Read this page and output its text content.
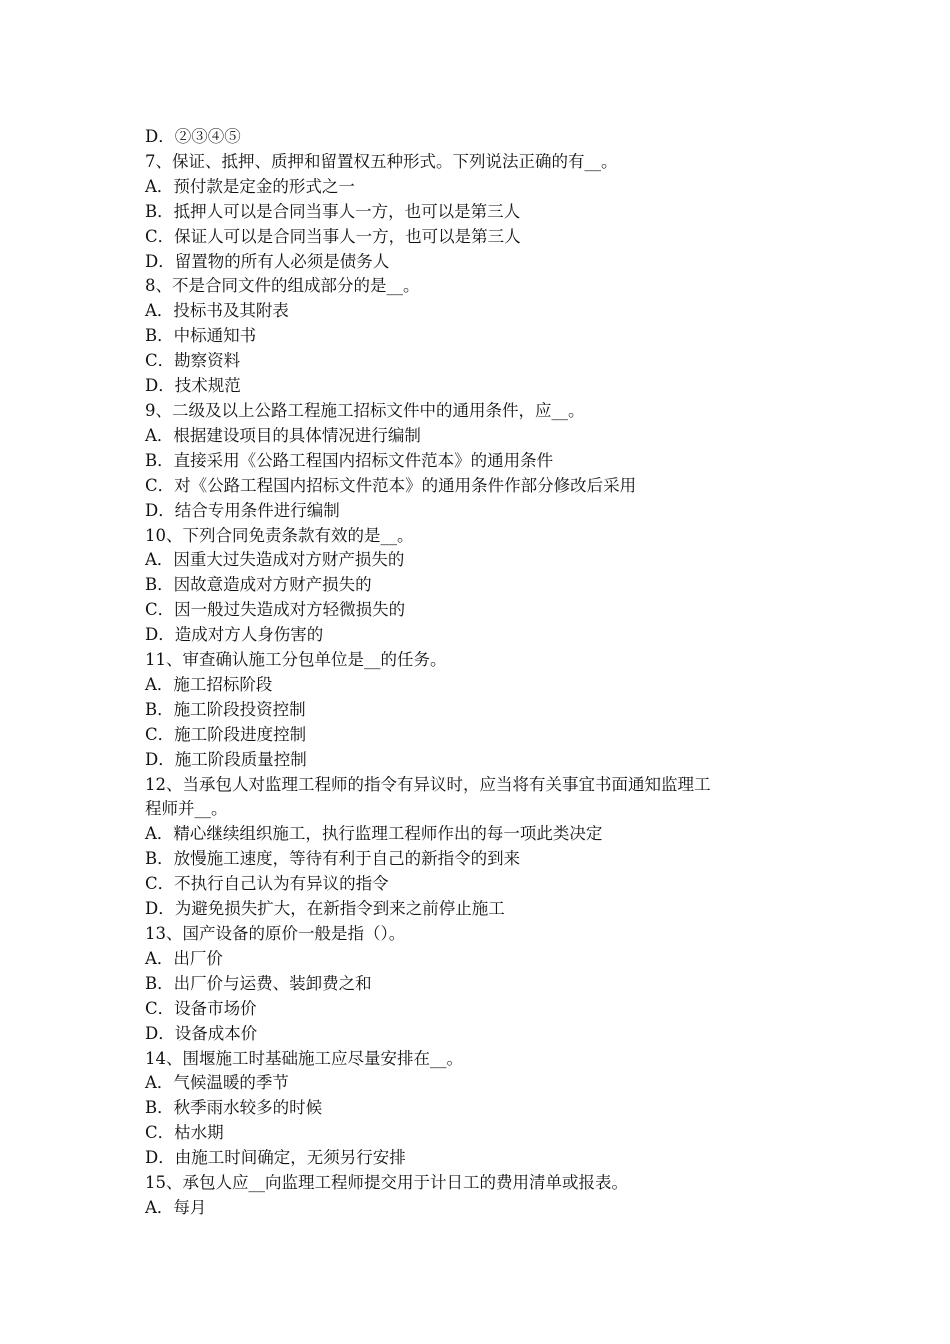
D．②③④⑤
7、保证、抵押、质押和留置权五种形式。下列说法正确的有__。
A．预付款是定金的形式之一
B．抵押人可以是合同当事人一方，也可以是第三人
C．保证人可以是合同当事人一方，也可以是第三人
D．留置物的所有人必须是债务人
8、不是合同文件的组成部分的是__。
A．投标书及其附表
B．中标通知书
C．勘察资料
D．技术规范
9、二级及以上公路工程施工招标文件中的通用条件，应__。
A．根据建设项目的具体情况进行编制
B．直接采用《公路工程国内招标文件范本》的通用条件
C．对《公路工程国内招标文件范本》的通用条件作部分修改后采用
D．结合专用条件进行编制
10、下列合同免责条款有效的是__。
A．因重大过失造成对方财产损失的
B．因故意造成对方财产损失的
C．因一般过失造成对方轻微损失的
D．造成对方人身伤害的
11、审查确认施工分包单位是__的任务。
A．施工招标阶段
B．施工阶段投资控制
C．施工阶段进度控制
D．施工阶段质量控制
12、当承包人对监理工程师的指令有异议时，应当将有关事宜书面通知监理工
程师并__。
A．精心继续组织施工，执行监理工程师作出的每一项此类决定
B．放慢施工速度，等待有利于自己的新指令的到来
C．不执行自己认为有异议的指令
D．为避免损失扩大，在新指令到来之前停止施工
13、国产设备的原价一般是指（）。
A．出厂价
B．出厂价与运费、装卸费之和
C．设备市场价
D．设备成本价
14、围堰施工时基础施工应尽量安排在__。
A．气候温暖的季节
B．秋季雨水较多的时候
C．枯水期
D．由施工时间确定，无须另行安排
15、承包人应__向监理工程师提交用于计日工的费用清单或报表。
A．每月
